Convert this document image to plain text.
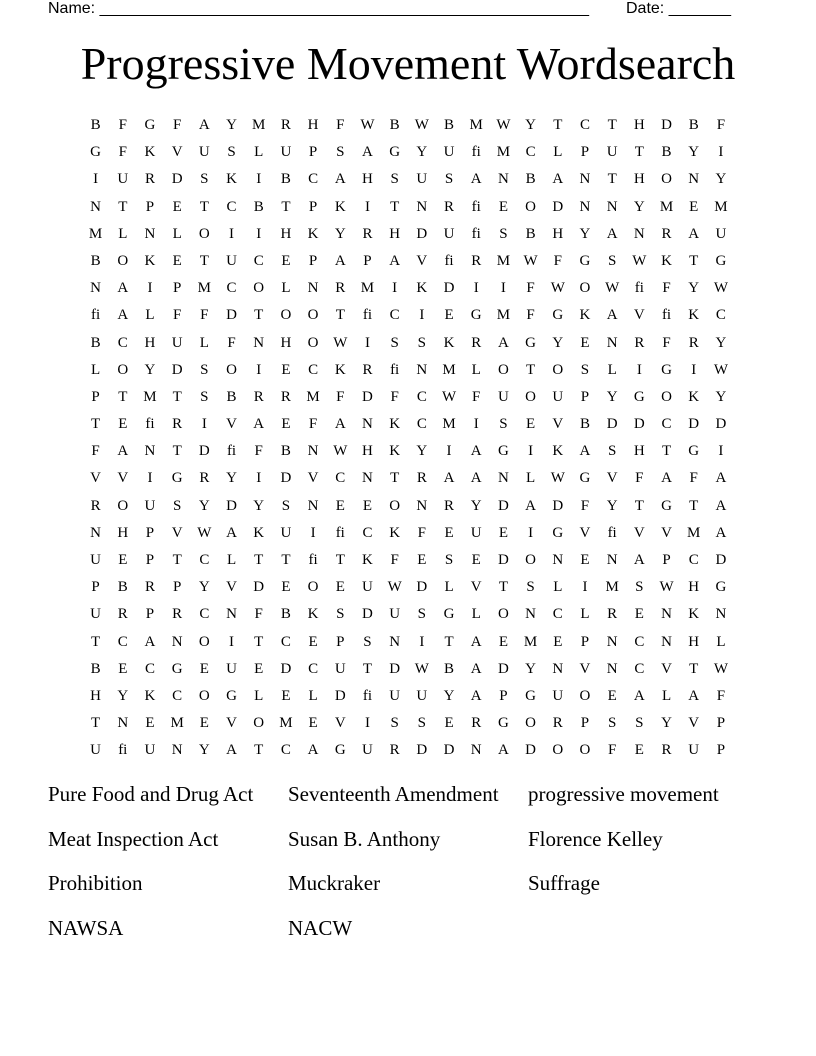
Name: _______________________________________________________ Date: _______
Progressive Movement Wordsearch
B	F	G	F	A	Y	M	R	H	F	W	B	W	B	M W Y	T	C	T	H	D	B	F
G	F	K	V	U	S	L	U	P	S	A	G	Y	U	fi	M	C	L	P	U	T	B	Y	I
I	U	R	D	S	K	I	B	C	A	H	S	U	S	A	N	B	A	N	T	H	O	N	Y
N	T	P	E	T	C	B	T	P	K	I	T	N	R	fi	E	O	D	N	N	Y	M	E	M
M	L	N	L	O	I	I	H	K	Y	R	H	D	U	fi	S	B	H	Y	A	N	R	A	U
B	O	K	E	T	U	C	E	P	A	P	A	V	fi	R	M W	F	G	S	W K	T	G
N	A	I	P	M	C	O	L	N	R	M	I	K	D	I	I	F	W O W	fi	F	Y W
fi	A	L	F	F	D	T	O	O	T	fi	C	I	E	G	M	F	G	K	A	V	fi	K	C
B	C	H	U	L	F	N	H	O W	I	S	S	K	R	A	G	Y	E	N	R	F	R	Y
L	O	Y	D	S	O	I	E	C	K	R	fi	N	M	L	O	T	O	S	L	I	G	I	W
P	T	M	T	S	B	R	R	M	F	D	F	C	W	F	U	O	U	P	Y	G	O	K	Y
T	E	fi	R	I	V	A	E	F	A	N	K	C	M	I	S	E	V	B	D	D	C	D	D
F	A	N	T	D	fi	F	B	N W H	K	Y	I	A	G	I	K	A	S	H	T	G	I
V	V	I	G	R	Y	I	D	V	C	N	T	R	A	A	N	L	W G	V	F	A	F	A
R	O	U	S	Y	D	Y	S	N	E	E	O	N	R	Y	D	A	D	F	Y	T	G	T	A
N	H	P	V W A	K	U	I	fi	C	K	F	E	U	E	I	G	V	fi	V	V	M	A
U	E	P	T	C	L	T	T	fi	T	K	F	E	S	E	D	O	N	E	N	A	P	C	D
P	B	R	P	Y	V	D	E	O	E	U W D	L	V	T	S	L	I	M	S	W H	G
U	R	P	R	C	N	F	B	K	S	D	U	S	G	L	O	N	C	L	R	E	N	K	N
T	C	A	N	O	I	T	C	E	P	S	N	I	T	A	E	M	E	P	N	C	N	H	L
B	E	C	G	E	U	E	D	C	U	T	D W	B	A	D	Y	N	V	N	C	V	T	W
H	Y	K	C	O	G	L	E	L	D	fi	U	U	Y	A	P	G	U	O	E	A	L	A	F
T	N	E	M	E	V	O	M	E	V	I	S	S	E	R	G	O	R	P	S	S	Y	V	P
U	fi	U	N	Y	A	T	C	A	G	U	R	D	D	N	A	D	O	O	F	E	R	U	P
Pure Food and Drug Act	Seventeenth Amendment	progressive movement
Meat Inspection Act	Susan B. Anthony	Florence Kelley
Prohibition	Muckraker	Suffrage
NAWSA	NACW
